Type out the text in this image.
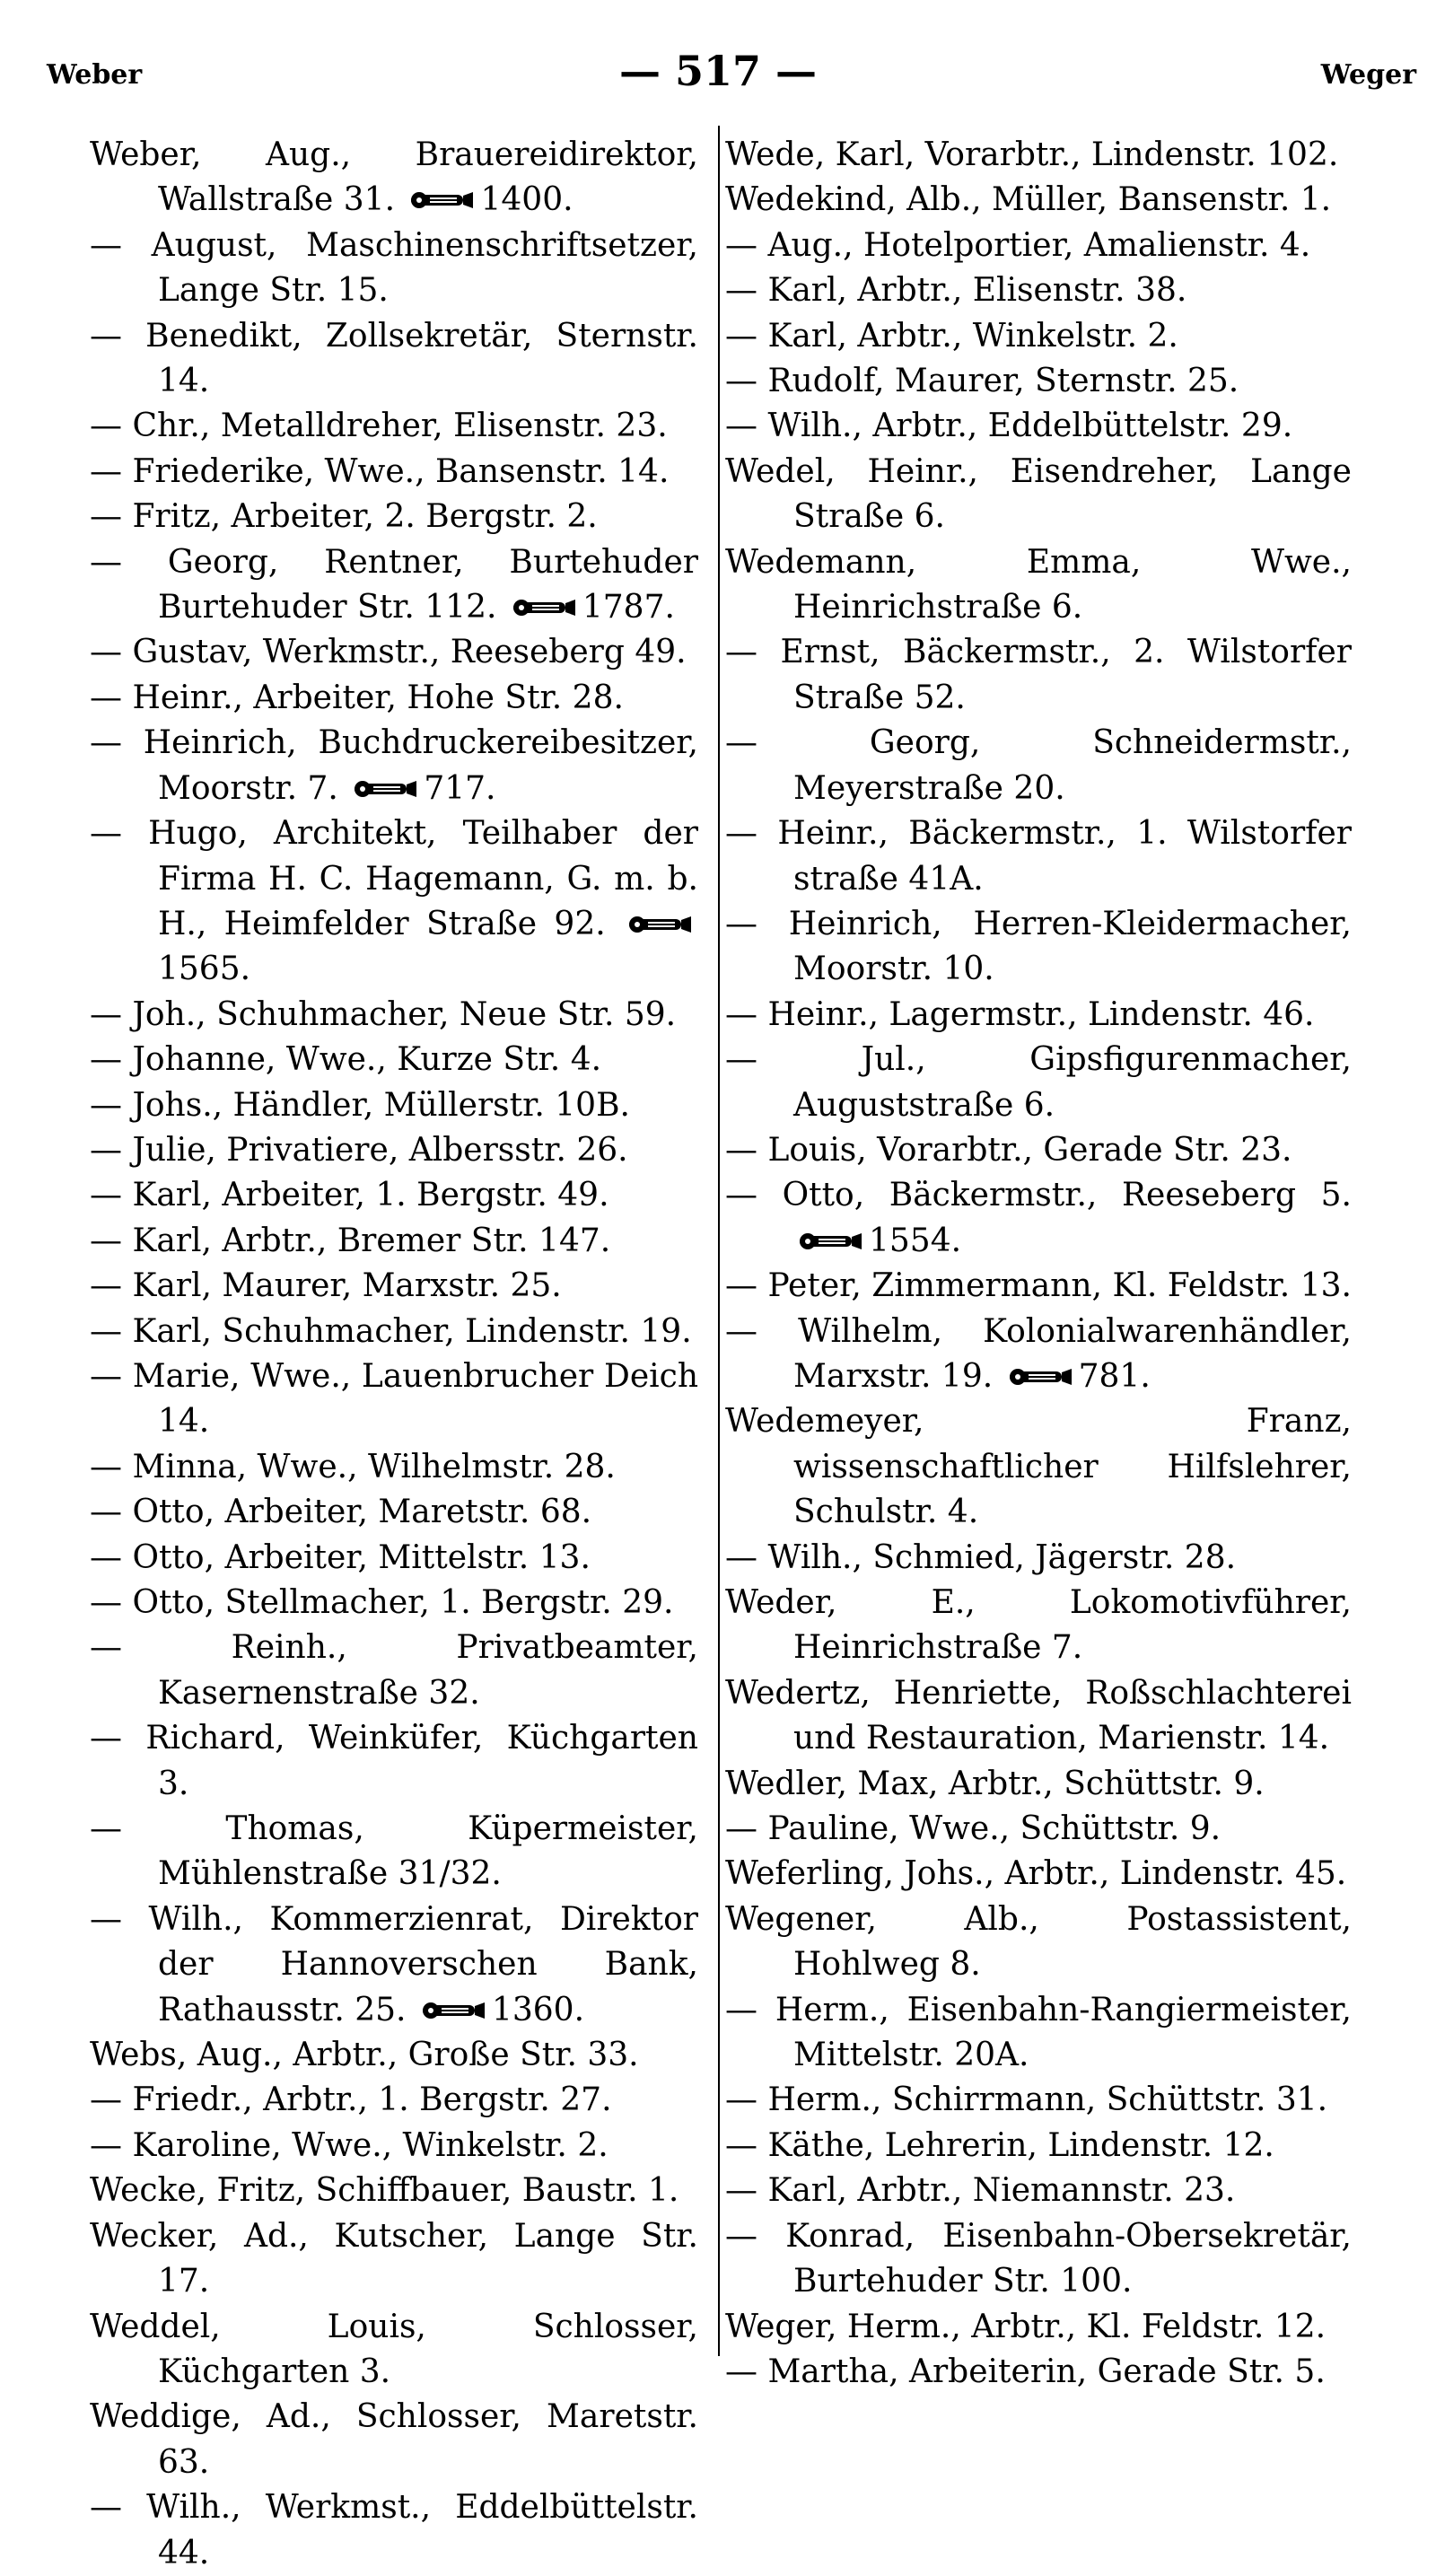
Weber	— 517 —	Weger
Weber, Aug., Brauereidirektor, Wallstraße 31.	1400.
— August, Maschinenschriftsetzer, Lange Str. 15.
— Benedikt, Zollsekretär, Sternstr. 14.
— Chr., Metalldreher, Elisenstr. 23.
— Friederike, Wwe., Bansenstr. 14.
— Fritz, Arbeiter, 2. Bergstr. 2.
— Georg, Rentner, Burtehuder Burtehuder Str. 112.	1787.
— Gustav, Werkmstr., Reeseberg 49.
— Heinr., Arbeiter, Hohe Str. 28.
— Heinrich, Buchdruckereibesitzer, Moorstr. 7.	717.
— Hugo, Architekt, Teilhaber der Firma H. C. Hagemann, G. m. b. H., Heimfelder Straße 92.
1565.
— Joh., Schuhmacher, Neue Str. 59.
— Johanne, Wwe., Kurze Str. 4.
— Johs., Händler, Müllerstr. 10B.
— Julie, Privatiere, Albersstr. 26.
— Karl, Arbeiter, 1. Bergstr. 49.
— Karl, Arbtr., Bremer Str. 147.
— Karl, Maurer, Marxstr. 25.
— Karl, Schuhmacher, Lindenstr. 19.
— Marie, Wwe., Lauenbrucher Deich 14.
— Minna, Wwe., Wilhelmstr. 28.
— Otto, Arbeiter, Maretstr. 68.
— Otto, Arbeiter, Mittelstr. 13.
— Otto, Stellmacher, 1. Bergstr. 29.
— Reinh., Privatbeamter, Kasernenstraße 32.
— Richard, Weinküfer, Küchgarten 3.
— Thomas, Küpermeister, Mühlenstraße 31/32.
— Wilh., Kommerzienrat, Direktor der Hannoverschen Bank, Rathausstr. 25.	1360.
Webs, Aug., Arbtr., Große Str. 33.
— Friedr., Arbtr., 1. Bergstr. 27.
— Karoline, Wwe., Winkelstr. 2.
Wecke, Fritz, Schiffbauer, Baustr. 1.
Wecker, Ad., Kutscher, Lange Str. 17.
Weddel, Louis, Schlosser, Küchgarten 3.
Weddige, Ad., Schlosser, Maretstr. 63.
— Wilh., Werkmst., Eddelbüttelstr. 44.
Wede, Karl, Vorarbtr., Lindenstr. 102.
Wedekind, Alb., Müller, Bansenstr. 1.
— Aug., Hotelportier, Amalienstr. 4.
— Karl, Arbtr., Elisenstr. 38.
— Karl, Arbtr., Winkelstr. 2.
— Rudolf, Maurer, Sternstr. 25.
— Wilh., Arbtr., Eddelbüttelstr. 29.
Wedel, Heinr., Eisendreher, Lange Straße 6.
Wedemann, Emma, Wwe., Heinrichstraße 6.
— Ernst, Bäckermstr., 2. Wilstorfer Straße 52.
— Georg, Schneidermstr., Meyerstraße 20.
— Heinr., Bäckermstr., 1. Wilstorfer straße 41A.
— Heinrich, Herren-Kleidermacher, Moorstr. 10.
— Heinr., Lagermstr., Lindenstr. 46.
— Jul., Gipsfigurenmacher, Auguststraße 6.
— Louis, Vorarbtr., Gerade Str. 23.
— Otto, Bäckermstr., Reeseberg 5.
1554.
— Peter, Zimmermann, Kl. Feldstr. 13.
— Wilhelm, Kolonialwarenhändler, Marxstr. 19.	781.
Wedemeyer, Franz, wissenschaftlicher Hilfslehrer, Schulstr. 4.
— Wilh., Schmied, Jägerstr. 28.
Weder, E., Lokomotivführer, Heinrichstraße 7.
Wedertz, Henriette, Roßschlachterei und Restauration, Marienstr. 14.
Wedler, Max, Arbtr., Schüttstr. 9.
— Pauline, Wwe., Schüttstr. 9.
Weferling, Johs., Arbtr., Lindenstr. 45.
Wegener, Alb., Postassistent, Hohlweg 8.
— Herm., Eisenbahn-Rangiermeister, Mittelstr. 20A.
— Herm., Schirrmann, Schüttstr. 31.
— Käthe, Lehrerin, Lindenstr. 12.
— Karl, Arbtr., Niemannstr. 23.
— Konrad, Eisenbahn-Obersekretär, Burtehuder Str. 100.
Weger, Herm., Arbtr., Kl. Feldstr. 12.
— Martha, Arbeiterin, Gerade Str. 5.
